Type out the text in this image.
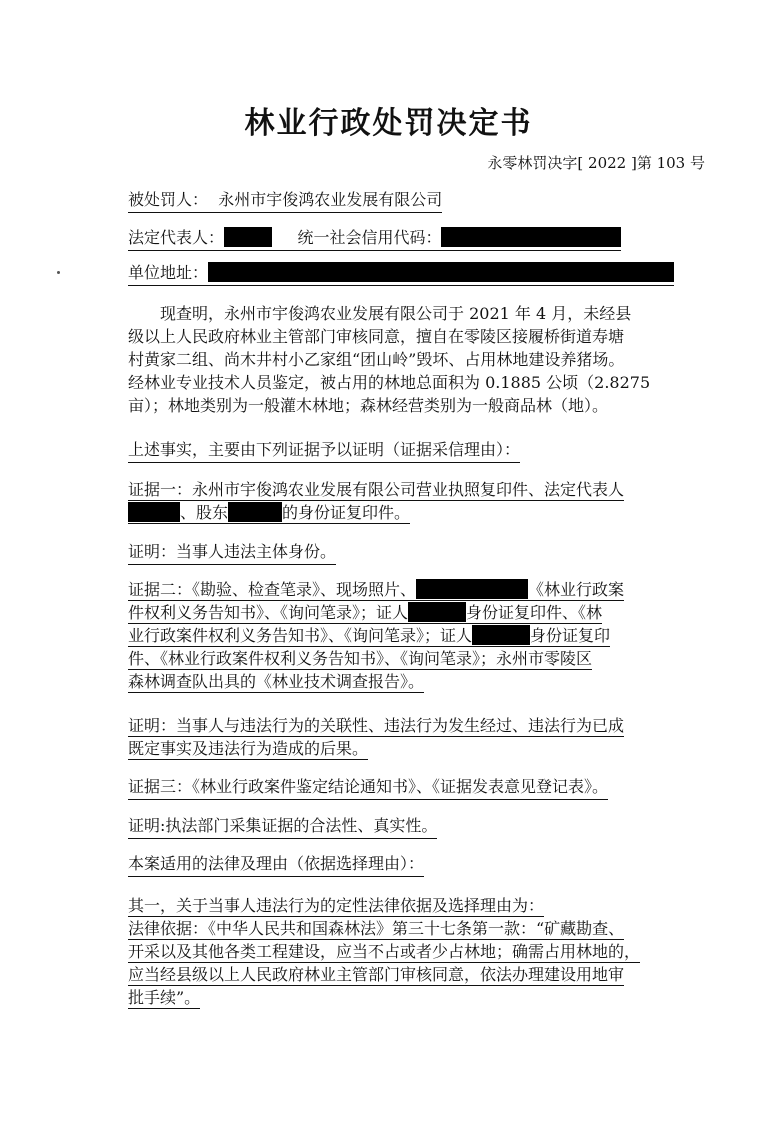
林业行政处罚决定书
永零林罚决字[ 2022 ]第 103 号
被处罚人： 永州市宇俊鸿农业发展有限公司
法定代表人：	统一社会信用代码：
单位地址：
现查明，永州市宇俊鸿农业发展有限公司于 2021 年 4 月，未经县
级以上人民政府林业主管部门审核同意，擅自在零陵区接履桥街道寿塘
村黄家二组、尚木井村小乙家组“团山岭”毁坏、占用林地建设养猪场。
经林业专业技术人员鉴定，被占用的林地总面积为 0.1885 公顷（2.8275
亩）；林地类别为一般灌木林地；森林经营类别为一般商品林（地）。
上述事实，主要由下列证据予以证明（证据采信理由）：
证据一：永州市宇俊鸿农业发展有限公司营业执照复印件、法定代表人
、股东	的身份证复印件。
证明：当事人违法主体身份。
证据二：《勘验、检查笔录》、现场照片、	《林业行政案
件权利义务告知书》、《询问笔录》；证人	身份证复印件、《林
业行政案件权利义务告知书》、《询问笔录》；证人	身份证复印
件、《林业行政案件权利义务告知书》、《询问笔录》；永州市零陵区
森林调查队出具的《林业技术调查报告》。
证明：当事人与违法行为的关联性、违法行为发生经过、违法行为已成
既定事实及违法行为造成的后果。
证据三：《林业行政案件鉴定结论通知书》、《证据发表意见登记表》。
证明:执法部门采集证据的合法性、真实性。
本案适用的法律及理由（依据选择理由）：
其一，关于当事人违法行为的定性法律依据及选择理由为：
法律依据：《中华人民共和国森林法》第三十七条第一款：“矿藏勘查、
开采以及其他各类工程建设，应当不占或者少占林地；确需占用林地的，
应当经县级以上人民政府林业主管部门审核同意，依法办理建设用地审
批手续”。
